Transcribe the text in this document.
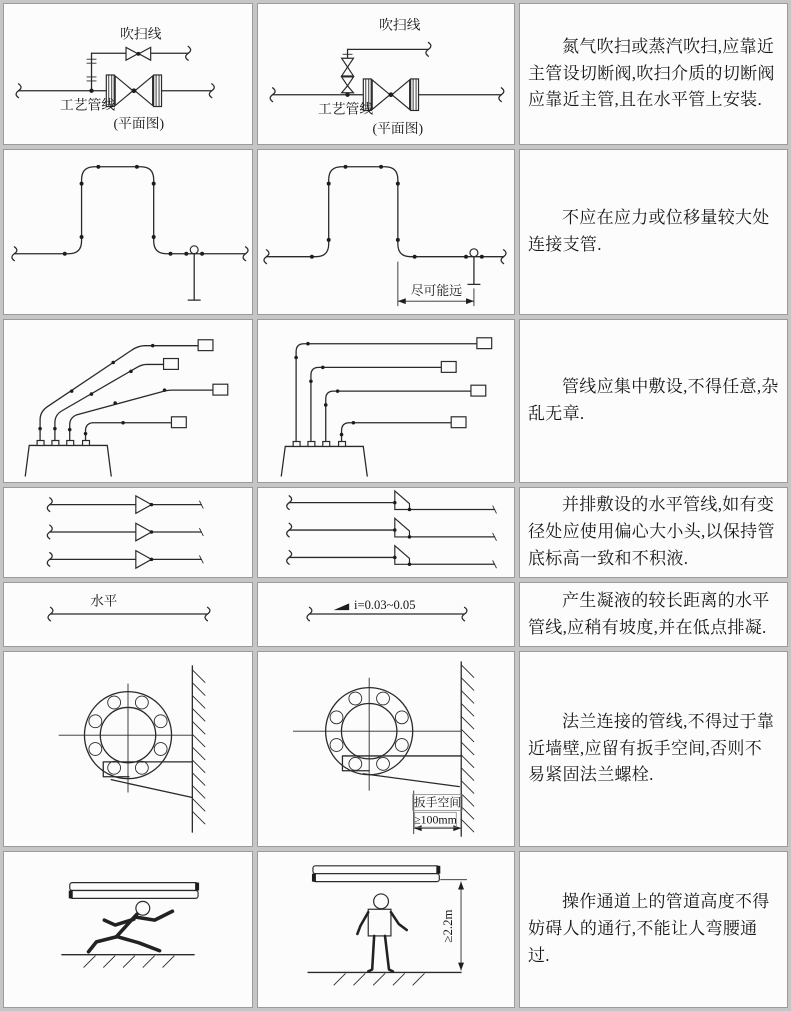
吹扫线
工艺管线
(平面图)
吹扫线
工艺管线
(平面图)

氮气吹扫或蒸汽吹扫,应靠近主管设切断阀,吹扫介质的切断阀应靠近主管,且在水平管上安装.

尽可能远

不应在应力或位移量较大处连接支管.

管线应集中敷设,不得任意,杂乱无章.

并排敷设的水平管线,如有变径处应使用偏心大小头,以保持管底标高一致和不积液.

水平	i=0.03~0.05	产生凝液的较长距离的水平管线,应稍有坡度,并在低点排凝.

扳手空间
≥100mm

法兰连接的管线,不得过于靠近墙壁,应留有扳手空间,否则不易紧固法兰螺栓.

≥2.2m

操作通道上的管道高度不得妨碍人的通行,不能让人弯腰通过.
